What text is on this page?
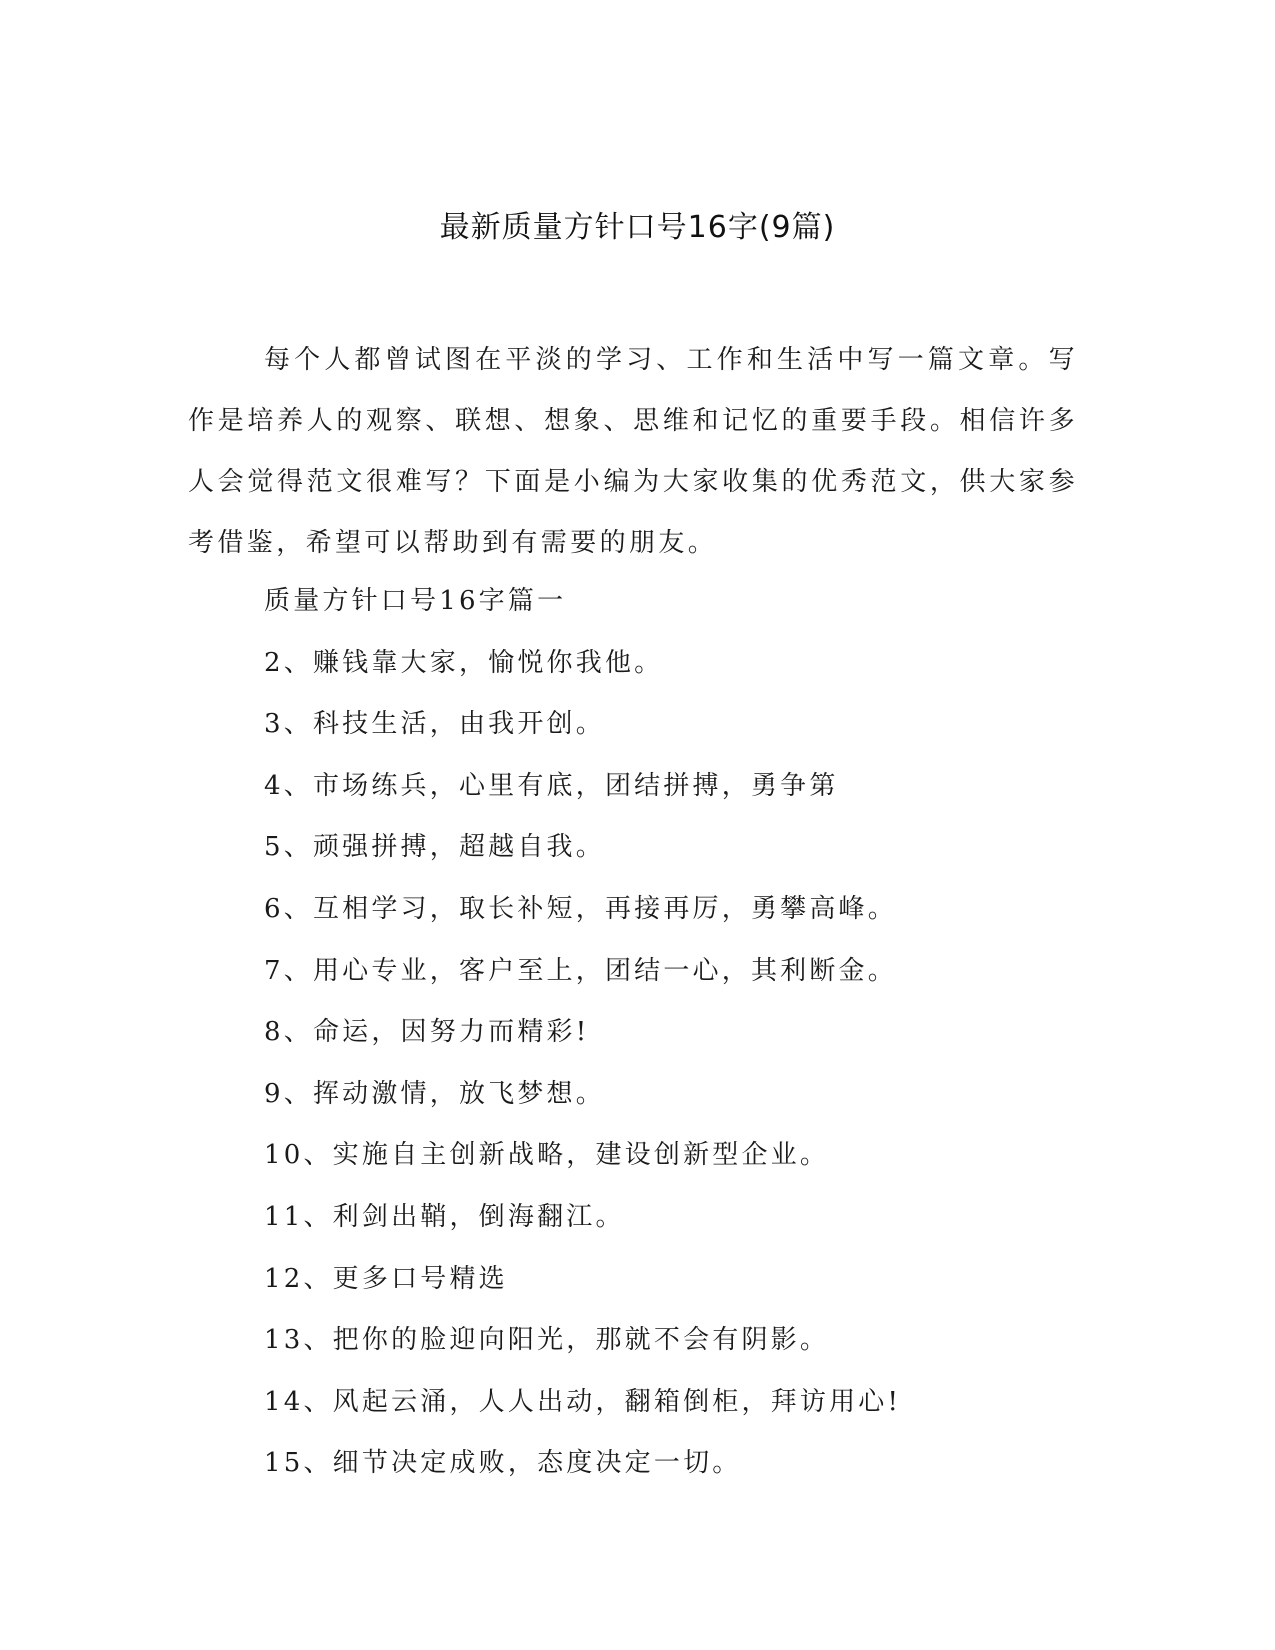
最新质量方针口号16字(9篇)

每个人都曾试图在平淡的学习、工作和生活中写一篇文章。写作是培养人的观察、联想、想象、思维和记忆的重要手段。相信许多人会觉得范文很难写？下面是小编为大家收集的优秀范文，供大家参考借鉴，希望可以帮助到有需要的朋友。

质量方针口号16字篇一
2、赚钱靠大家，愉悦你我他。
3、科技生活，由我开创。
4、市场练兵，心里有底，团结拼搏，勇争第
5、顽强拼搏，超越自我。
6、互相学习，取长补短，再接再厉，勇攀高峰。
7、用心专业，客户至上，团结一心，其利断金。
8、命运，因努力而精彩!
9、挥动激情，放飞梦想。
10、实施自主创新战略，建设创新型企业。
11、利剑出鞘，倒海翻江。
12、更多口号精选
13、把你的脸迎向阳光，那就不会有阴影。
14、风起云涌，人人出动，翻箱倒柜，拜访用心!
15、细节决定成败，态度决定一切。
